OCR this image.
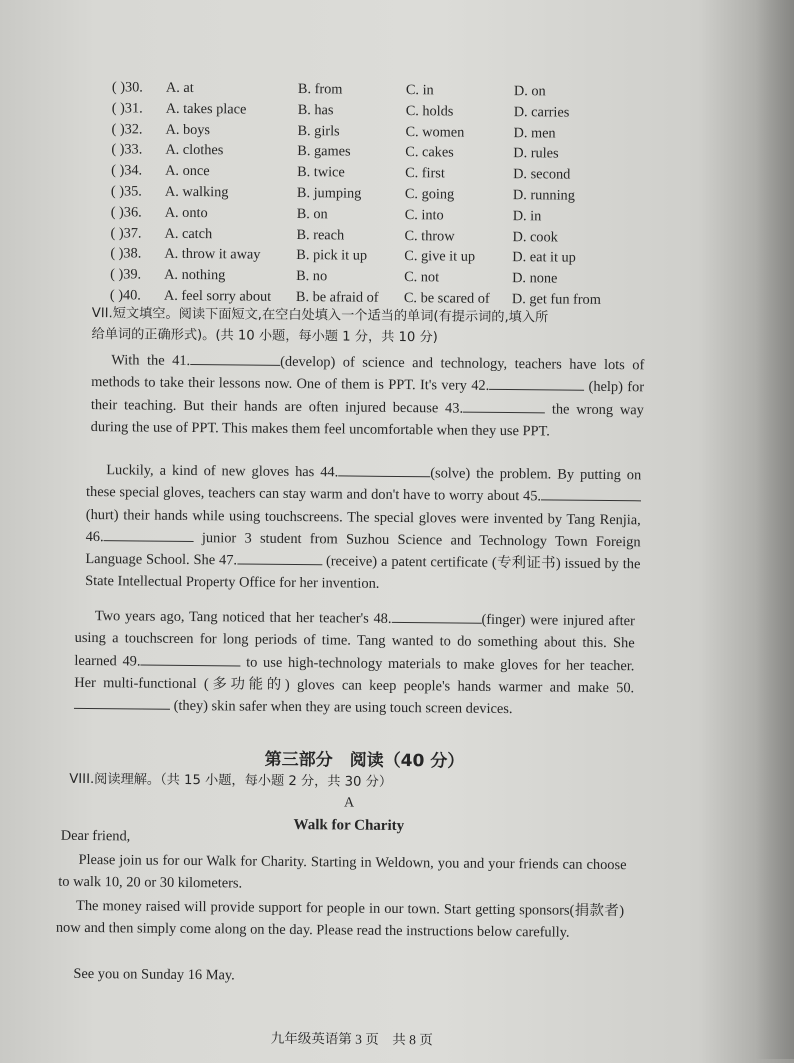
( )30.	A. at	B. from	C. in	D. on
( )31.	A. takes place	B. has	C. holds	D. carries
( )32.	A. boys	B. girls	C. women	D. men
( )33.	A. clothes	B. games	C. cakes	D. rules
( )34.	A. once	B. twice	C. first	D. second
( )35.	A. walking	B. jumping	C. going	D. running
( )36.	A. onto	B. on	C. into	D. in
( )37.	A. catch	B. reach	C. throw	D. cook
( )38.	A. throw it away	B. pick it up	C. give it up	D. eat it up
( )39.	A. nothing	B. no	C. not	D. none
( )40.	A. feel sorry about	B. be afraid of	C. be scared of	D. get fun from
VII.短文填空。阅读下面短文,在空白处填入一个适当的单词(有提示词的,填入所
给单词的正确形式)。(共 10 小题，每小题 1 分，共 10 分)
With the 41.	(develop) of science and technology, teachers have lots of methods to take their lessons now. One of them is PPT. It's very 42.	(help) for their teaching. But their hands are often injured because 43.	the wrong way during the use of PPT. This makes them feel uncomfortable when they use PPT.
Luckily, a kind of new gloves has 44.	(solve) the problem. By putting on these special gloves, teachers can stay warm and don't have to worry about 45.(hurt) their hands while using touchscreens. The special gloves were invented by Tang Renjia, 46.	junior 3 student from Suzhou Science and Technology Town Foreign Language School. She 47.	(receive) a patent certificate (专利证书) issued by the State Intellectual Property Office for her invention.
Two years ago, Tang noticed that her teacher's 48.	(finger) were injured after using a touchscreen for long periods of time. Tang wanted to do something about this. She learned 49.	to use high-technology materials to make gloves for her teacher. Her multi-functional (多功能的) gloves can keep people's hands warmer and make 50. (they) skin safer when they are using touch screen devices.
第三部分　阅读（40 分）
VIII.阅读理解。（共 15 小题，每小题 2 分，共 30 分）
A
Walk for Charity
Dear friend,
Please join us for our Walk for Charity. Starting in Weldown, you and your friends can choose to walk 10, 20 or 30 kilometers.
The money raised will provide support for people in our town. Start getting sponsors(捐款者) now and then simply come along on the day. Please read the instructions below carefully.
See you on Sunday 16 May.
九年级英语第 3 页　共 8 页
